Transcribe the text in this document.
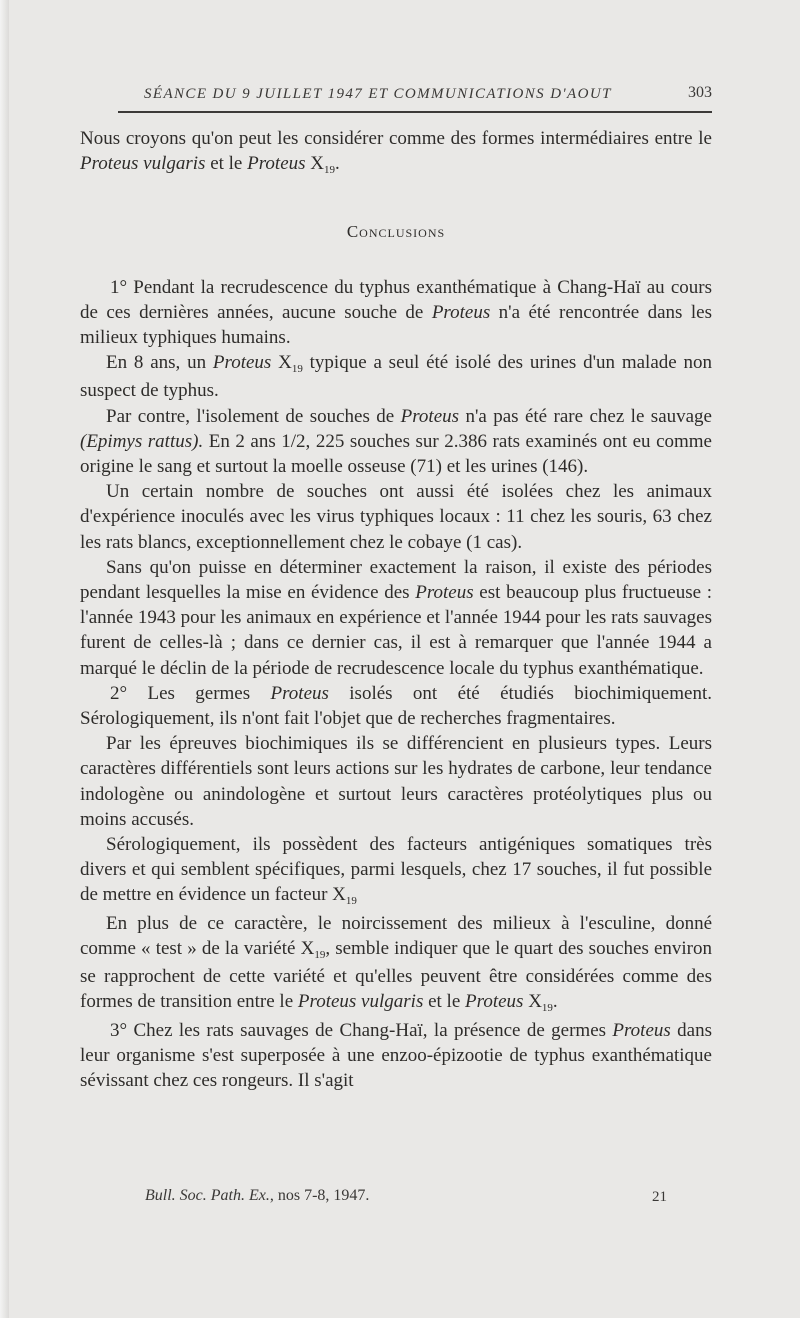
SÉANCE DU 9 JUILLET 1947 ET COMMUNICATIONS D'AOUT	303

Nous croyons qu'on peut les considérer comme des formes intermédiaires entre le Proteus vulgaris et le Proteus $X_{19}$.

Conclusions

1° Pendant la recrudescence du typhus exanthématique à Chang-Haï au cours de ces dernières années, aucune souche de Proteus n'a été rencontrée dans les milieux typhiques humains.

En 8 ans, un Proteus $X_{19}$ typique a seul été isolé des urines d'un malade non suspect de typhus.

Par contre, l'isolement de souches de Proteus n'a pas été rare chez le sauvage (Epimys rattus). En 2 ans 1/2, 225 souches sur 2.386 rats examinés ont eu comme origine le sang et surtout la moelle osseuse (71) et les urines (146).

Un certain nombre de souches ont aussi été isolées chez les animaux d'expérience inoculés avec les virus typhiques locaux : 11 chez les souris, 63 chez les rats blancs, exceptionnellement chez le cobaye (1 cas).

Sans qu'on puisse en déterminer exactement la raison, il existe des périodes pendant lesquelles la mise en évidence des Proteus est beaucoup plus fructueuse : l'année 1943 pour les animaux en expérience et l'année 1944 pour les rats sauvages furent de celles-là ; dans ce dernier cas, il est à remarquer que l'année 1944 a marqué le déclin de la période de recrudescence locale du typhus exanthématique.

2° Les germes Proteus isolés ont été étudiés biochimiquement. Sérologiquement, ils n'ont fait l'objet que de recherches fragmentaires.

Par les épreuves biochimiques ils se différencient en plusieurs types. Leurs caractères différentiels sont leurs actions sur les hydrates de carbone, leur tendance indologène ou anindologène et surtout leurs caractères protéolytiques plus ou moins accusés.

Sérologiquement, ils possèdent des facteurs antigéniques somatiques très divers et qui semblent spécifiques, parmi lesquels, chez 17 souches, il fut possible de mettre en évidence un facteur $X_{19}$

En plus de ce caractère, le noircissement des milieux à l'esculine, donné comme « test » de la variété $X_{19}$, semble indiquer que le quart des souches environ se rapprochent de cette variété et qu'elles peuvent être considérées comme des formes de transition entre le Proteus vulgaris et le Proteus $X_{19}$.

3° Chez les rats sauvages de Chang-Haï, la présence de germes Proteus dans leur organisme s'est superposée à une enzoo-épizootie de typhus exanthématique sévissant chez ces rongeurs. Il s'agit

Bull. Soc. Path. Ex., nos 7-8, 1947.	21
